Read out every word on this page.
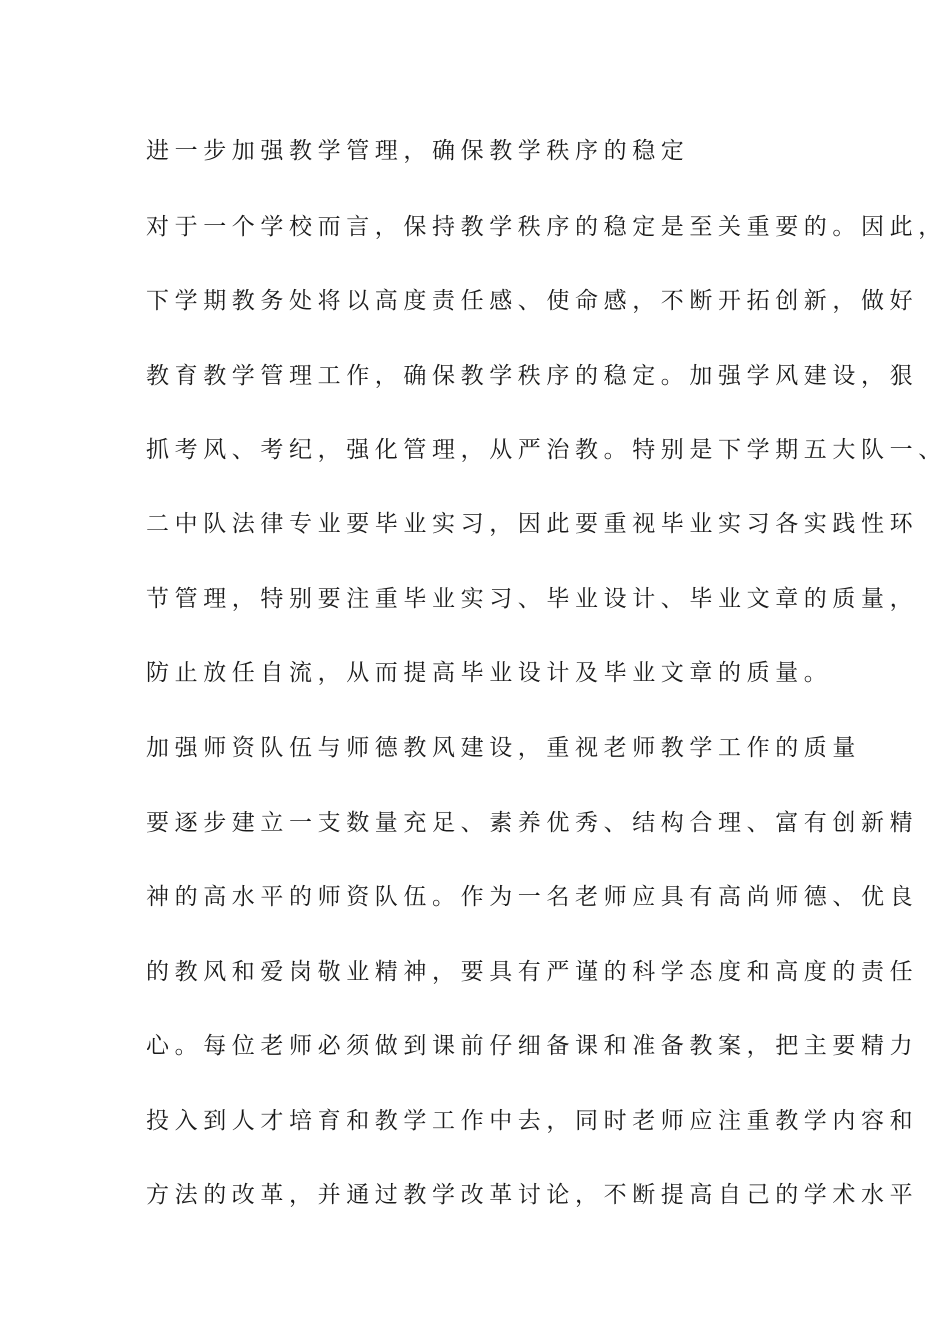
进一步加强教学管理，确保教学秩序的稳定

对于一个学校而言，保持教学秩序的稳定是至关重要的。因此，

下学期教务处将以高度责任感、使命感，不断开拓创新，做好

教育教学管理工作，确保教学秩序的稳定。加强学风建设，狠

抓考风、考纪，强化管理，从严治教。特别是下学期五大队一、

二中队法律专业要毕业实习，因此要重视毕业实习各实践性环

节管理，特别要注重毕业实习、毕业设计、毕业文章的质量，

防止放任自流，从而提高毕业设计及毕业文章的质量。

加强师资队伍与师德教风建设，重视老师教学工作的质量

要逐步建立一支数量充足、素养优秀、结构合理、富有创新精

神的高水平的师资队伍。作为一名老师应具有高尚师德、优良

的教风和爱岗敬业精神，要具有严谨的科学态度和高度的责任

心。每位老师必须做到课前仔细备课和准备教案，把主要精力

投入到人才培育和教学工作中去，同时老师应注重教学内容和

方法的改革，并通过教学改革讨论，不断提高自己的学术水平
